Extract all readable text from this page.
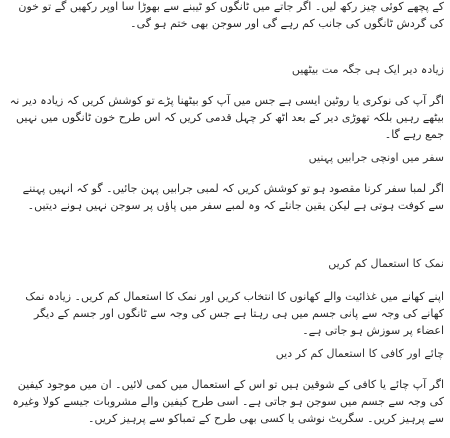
کے پچھے کوئی چیز رکھ لیں۔ اگر جاتے میں ٹانگوں کو ٹیبنے سے بھوڑا سا اوپر رکھیں گے تو خون کی گردش ٹانگوں کی جانب کم رہے گی اور سوجن بھی ختم ہو گی۔

زیادہ دیر ایک ہی جگہ مت بیٹھیں

اگر آپ کی نوکری یا روٹین ایسی ہے جس میں آپ کو بیٹھنا پڑے تو کوشش کریں کہ زیادہ دیر نہ بیٹھے رہیں بلکہ تھوڑی دیر کے بعد اٹھ کر چہل قدمی کریں کہ اس طرح خون ٹانگوں میں نہیں جمع رہے گا۔

سفر میں اونچی جرابیں پہنیں

اگر لمبا سفر کرنا مقصود ہو تو کوشش کریں کہ لمبی جرابیں پہن جائیں۔ گو کہ انہیں پہننے سے کوفت ہوتی ہے لیکن یقین جانئے کہ وہ لمبے سفر میں پاؤں پر سوجن نہیں ہونے دیتیں۔

نمک کا استعمال کم کریں

اپنے کھانے میں غذائیت والے کھانوں کا انتخاب کریں اور نمک کا استعمال کم کریں۔ زیادہ نمک کھانے کی وجہ سے پانی جسم میں ہی رہتا ہے جس کی وجہ سے ٹانگوں اور جسم کے دیگر اعضاء پر سوزش ہو جاتی ہے۔

چائے اور کافی کا استعمال کم کر دیں

اگر آپ چائے یا کافی کے شوقین ہیں تو اس کے استعمال میں کمی لائیں۔ ان میں موجود کیفین کی وجہ سے جسم میں سوجن ہو جاتی ہے۔ اسی طرح کیفین والے مشروبات جیسے کولا وغیرہ سے پرہیز کریں۔ سگریٹ نوشی یا کسی بھی طرح کے تمباکو سے پرہیز کریں۔
